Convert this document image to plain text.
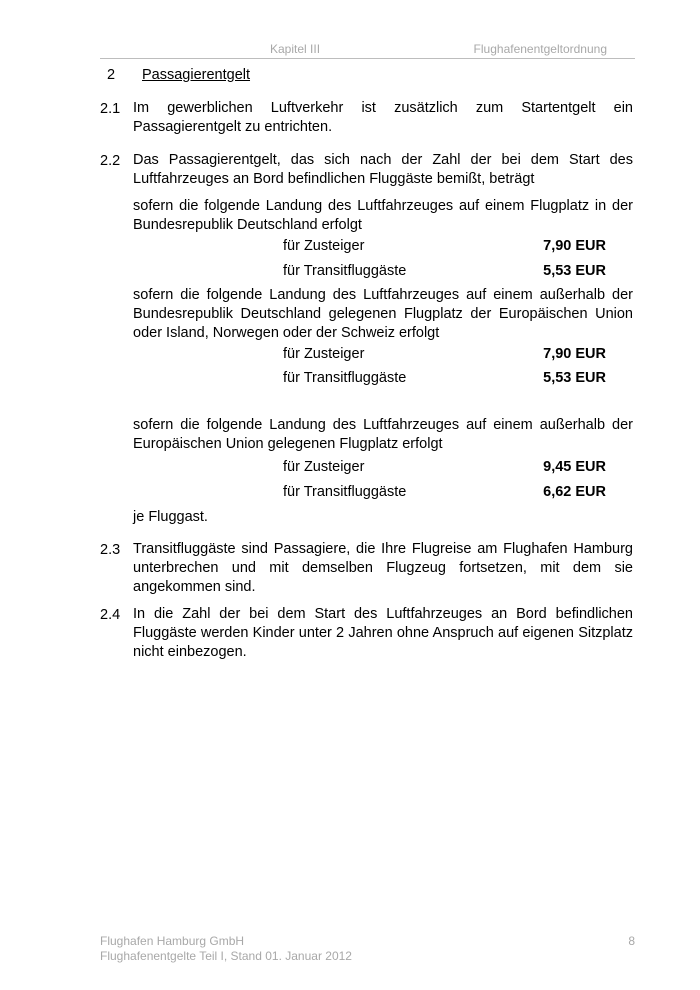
Kapitel III	Flughafenentgeltordnung
2 Passagierentgelt
2.1 Im gewerblichen Luftverkehr ist zusätzlich zum Startentgelt ein Passagierentgelt zu entrichten.
2.2 Das Passagierentgelt, das sich nach der Zahl der bei dem Start des Luftfahrzeuges an Bord befindlichen Fluggäste bemißt, beträgt
sofern die folgende Landung des Luftfahrzeuges auf einem Flugplatz in der Bundesrepublik Deutschland erfolgt
für Zusteiger	7,90 EUR
für Transitfluggäste	5,53 EUR
sofern die folgende Landung des Luftfahrzeuges auf einem außerhalb der Bundesrepublik Deutschland gelegenen Flugplatz der Europäischen Union oder Island, Norwegen oder der Schweiz erfolgt
für Zusteiger	7,90 EUR
für Transitfluggäste	5,53 EUR
sofern die folgende Landung des Luftfahrzeuges auf einem außerhalb der Europäischen Union gelegenen Flugplatz erfolgt
für Zusteiger	9,45 EUR
für Transitfluggäste	6,62 EUR
je Fluggast.
2.3 Transitfluggäste sind Passagiere, die Ihre Flugreise am Flughafen Hamburg unterbrechen und mit demselben Flugzeug fortsetzen, mit dem sie angekommen sind.
2.4 In die Zahl der bei dem Start des Luftfahrzeuges an Bord befindlichen Fluggäste werden Kinder unter 2 Jahren ohne Anspruch auf eigenen Sitzplatz nicht einbezogen.
Flughafen Hamburg GmbH
Flughafenentgelte Teil I, Stand 01. Januar 2012
8
